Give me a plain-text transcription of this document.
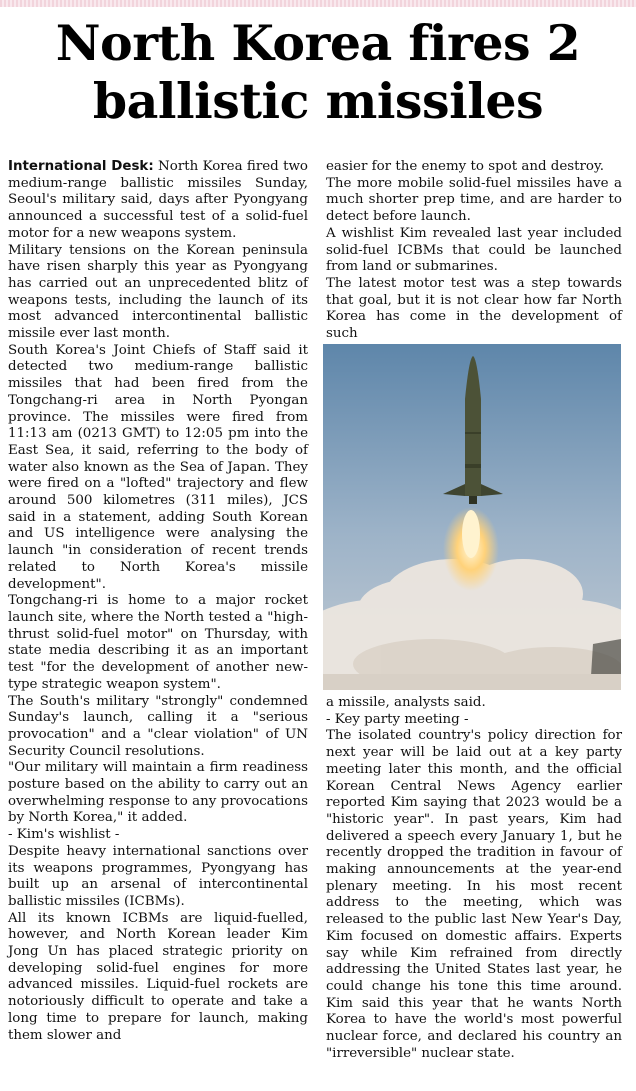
North Korea fires 2 ballistic missiles

International Desk: North Korea fired two medium-range ballistic missiles Sunday, Seoul's military said, days after Pyongyang announced a successful test of a solid-fuel motor for a new weapons system.

Military tensions on the Korean peninsula have risen sharply this year as Pyongyang has carried out an unprecedented blitz of weapons tests, including the launch of its most advanced intercontinental ballistic missile ever last month.

South Korea's Joint Chiefs of Staff said it detected two medium-range ballistic missiles that had been fired from the Tongchang-ri area in North Pyongan province. The missiles were fired from 11:13 am (0213 GMT) to 12:05 pm into the East Sea, it said, referring to the body of water also known as the Sea of Japan. They were fired on a "lofted" trajectory and flew around 500 kilometres (311 miles), JCS said in a statement, adding South Korean and US intelligence were analysing the launch "in consideration of recent trends related to North Korea's missile development".

Tongchang-ri is home to a major rocket launch site, where the North tested a "high-thrust solid-fuel motor" on Thursday, with state media describing it as an important test "for the development of another new-type strategic weapon system".

The South's military "strongly" condemned Sunday's launch, calling it a "serious provocation" and a "clear violation" of UN Security Council resolutions.

"Our military will maintain a firm readiness posture based on the ability to carry out an overwhelming response to any provocations by North Korea," it added.

- Kim's wishlist -

Despite heavy international sanctions over its weapons programmes, Pyongyang has built up an arsenal of intercontinental ballistic missiles (ICBMs).

All its known ICBMs are liquid-fuelled, however, and North Korean leader Kim Jong Un has placed strategic priority on developing solid-fuel engines for more advanced missiles. Liquid-fuel rockets are notoriously difficult to operate and take a long time to prepare for launch, making them slower and

easier for the enemy to spot and destroy.

The more mobile solid-fuel missiles have a much shorter prep time, and are harder to detect before launch.

A wishlist Kim revealed last year included solid-fuel ICBMs that could be launched from land or submarines.

The latest motor test was a step towards that goal, but it is not clear how far North Korea has come in the development of such

a missile, analysts said.

- Key party meeting -

The isolated country's policy direction for next year will be laid out at a key party meeting later this month, and the official Korean Central News Agency earlier reported Kim saying that 2023 would be a "historic year". In past years, Kim had delivered a speech every January 1, but he recently dropped the tradition in favour of making announcements at the year-end plenary meeting. In his most recent address to the meeting, which was released to the public last New Year's Day, Kim focused on domestic affairs. Experts say while Kim refrained from directly addressing the United States last year, he could change his tone this time around. Kim said this year that he wants North Korea to have the world's most powerful nuclear force, and declared his country an "irreversible" nuclear state.
